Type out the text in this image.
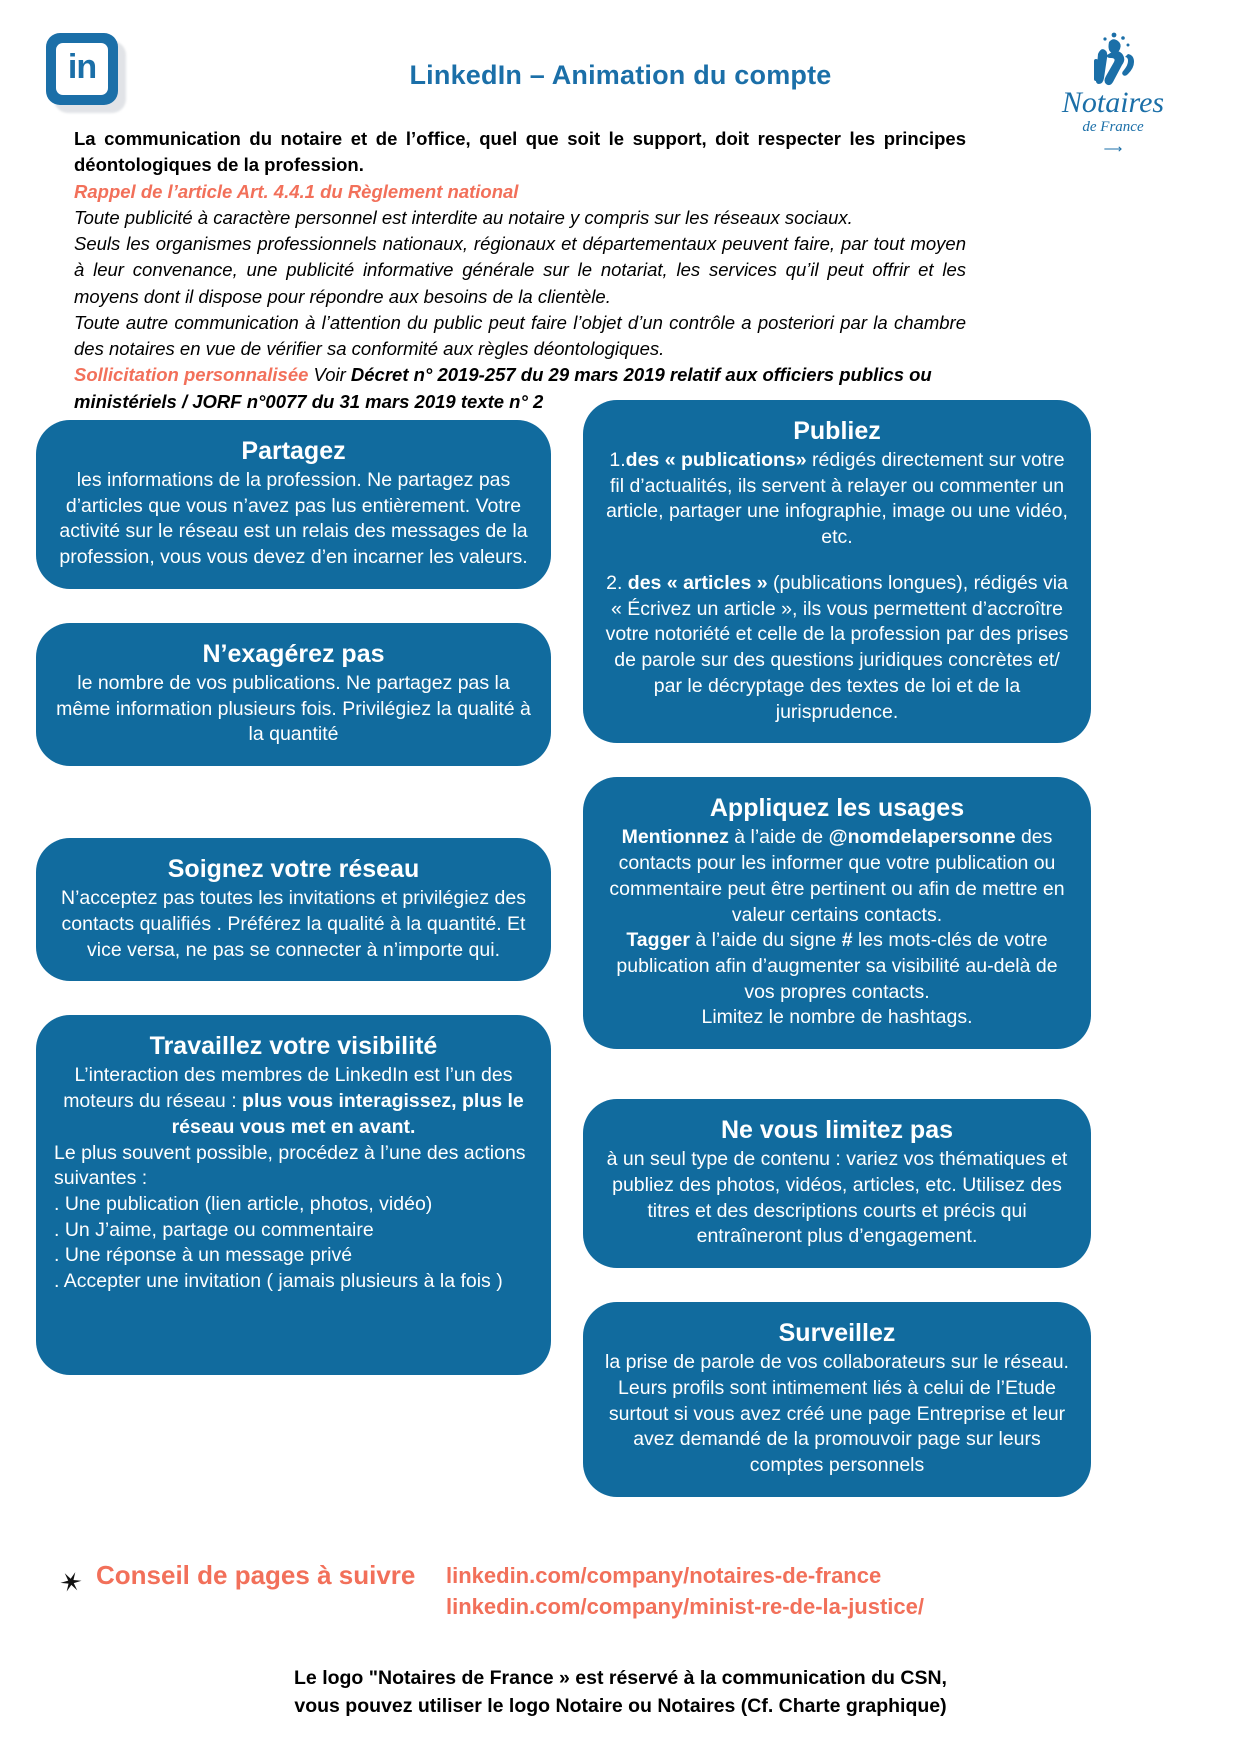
in	LinkedIn – Animation du compte
Notaires
de France
⟶

La communication du notaire et de l’office, quel que soit le support, doit respecter les principes déontologiques de la profession.

Rappel de l’article Art. 4.4.1 du Règlement national

Toute publicité à caractère personnel est interdite au notaire y compris sur les réseaux sociaux.

Seuls les organismes professionnels nationaux, régionaux et départementaux peuvent faire, par tout moyen à leur convenance, une publicité informative générale sur le notariat, les services qu’il peut offrir et les moyens dont il dispose pour répondre aux besoins de la clientèle.

Toute autre communication à l’attention du public peut faire l’objet d’un contrôle a posteriori par la chambre des notaires en vue de vérifier sa conformité aux règles déontologiques.

Sollicitation personnalisée Voir Décret n° 2019-257 du 29 mars 2019 relatif aux officiers publics ou ministériels / JORF n°0077 du 31 mars 2019 texte n° 2

Partagez

les informations de la profession. Ne partagez pas d’articles que vous n’avez pas lus entièrement. Votre activité sur le réseau est un relais des messages de la profession, vous vous devez d’en incarner les valeurs.

N’exagérez pas

le nombre de vos publications. Ne partagez pas la même information plusieurs fois. Privilégiez la qualité à la quantité

Soignez votre réseau

N’acceptez pas toutes les invitations et privilégiez des contacts qualifiés . Préférez la qualité à la quantité. Et vice versa, ne pas se connecter à n’importe qui.

Travaillez votre visibilité

L’interaction des membres de LinkedIn est l’un des moteurs du réseau : plus vous interagissez, plus le réseau vous met en avant.

Le plus souvent possible, procédez à l’une des actions suivantes :

. Une publication (lien article, photos, vidéo)

. Un J’aime, partage ou commentaire

. Une réponse à un message privé

. Accepter une invitation ( jamais plusieurs à la fois )

Publiez

1.des « publications» rédigés directement sur votre fil d’actualités, ils servent à relayer ou commenter un article, partager une infographie, image ou une vidéo, etc.

2. des « articles » (publications longues), rédigés via « Écrivez un article », ils vous permettent d’accroître votre notoriété et celle de la profession par des prises de parole sur des questions juridiques concrètes et/ par le décryptage des textes de loi et de la jurisprudence.

Appliquez les usages

Mentionnez à l’aide de @nomdelapersonne des contacts pour les informer que votre publication ou commentaire peut être pertinent ou afin de mettre en valeur certains contacts.

Tagger à l’aide du signe # les mots-clés de votre publication afin d’augmenter sa visibilité au-delà de vos propres contacts.

Limitez le nombre de hashtags.

Ne vous limitez pas

à un seul type de contenu : variez vos thématiques et publiez des photos, vidéos, articles, etc. Utilisez des titres et des descriptions courts et précis qui entraîneront plus d’engagement.

Surveillez

la prise de parole de vos collaborateurs sur le réseau. Leurs profils sont intimement liés à celui de l’Etude surtout si vous avez créé une page Entreprise et leur avez demandé de la promouvoir page sur leurs comptes personnels

✶ Conseil de pages à suivre linkedin.com/company/notaires-de-france
linkedin.com/company/minist-re-de-la-justice/
Le logo "Notaires de France » est réservé à la communication du CSN,
vous pouvez utiliser le logo Notaire ou Notaires (Cf. Charte graphique)
